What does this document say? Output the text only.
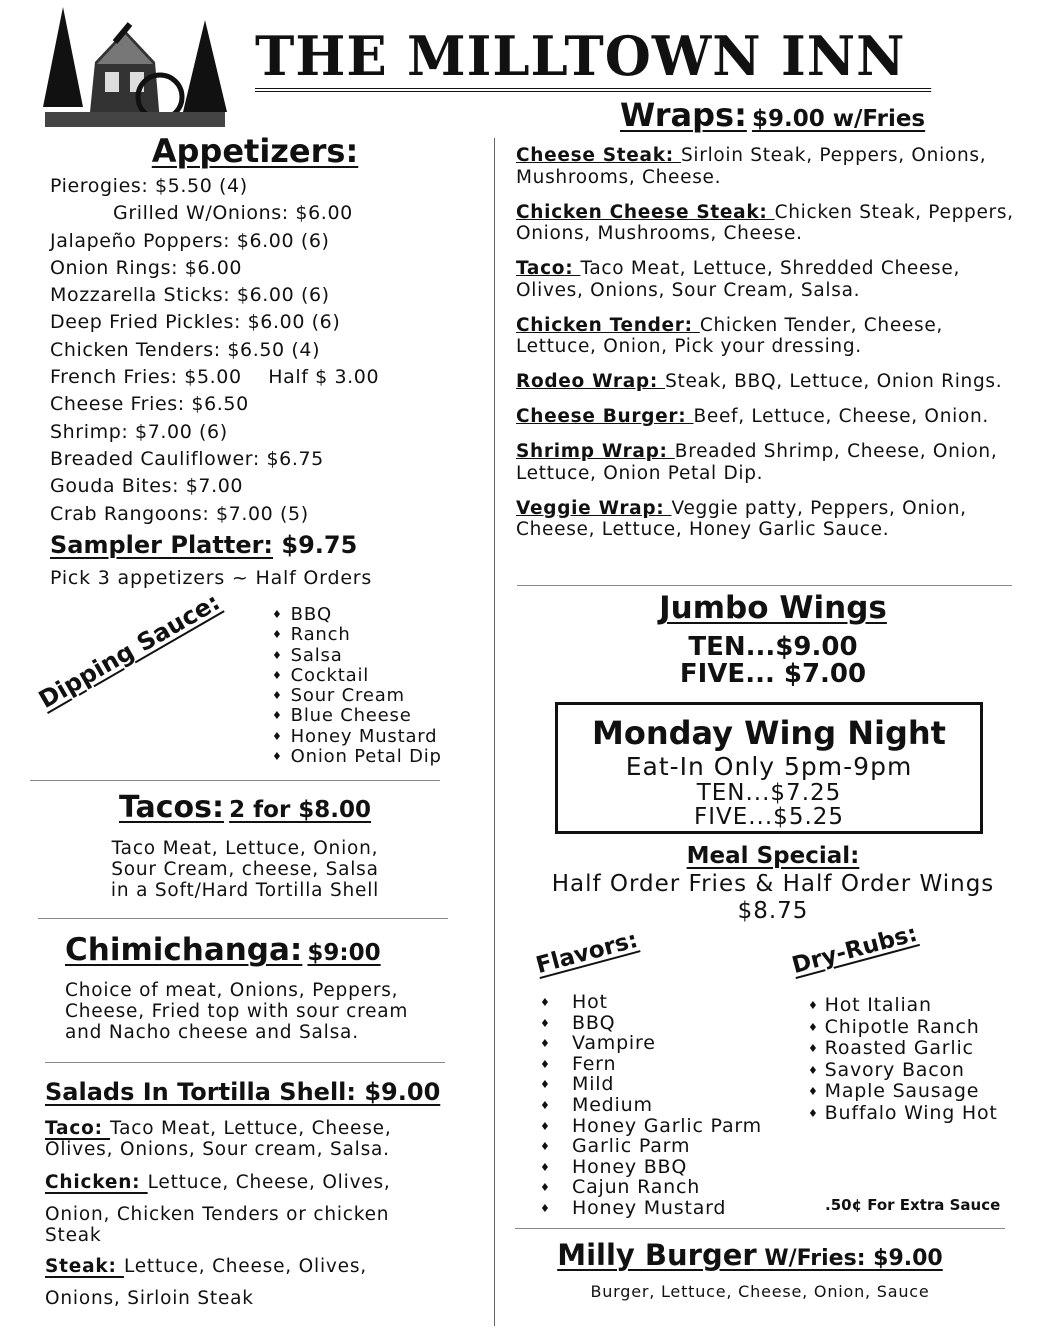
THE MILLTOWN INN
Appetizers:
Pierogies: $5.50 (4)
Grilled W/Onions: $6.00
Jalapeño Poppers: $6.00 (6)
Onion Rings: $6.00
Mozzarella Sticks: $6.00 (6)
Deep Fried Pickles: $6.00 (6)
Chicken Tenders: $6.50 (4)
French Fries: $5.00    Half $ 3.00
Cheese Fries: $6.50
Shrimp: $7.00 (6)
Breaded Cauliflower: $6.75
Gouda Bites: $7.00
Crab Rangoons: $7.00 (5)
Sampler Platter: $9.75
Pick 3 appetizers ~ Half Orders
Dipping Sauce:	♦ BBQ
♦ Ranch
♦ Salsa
♦ Cocktail
♦ Sour Cream
♦ Blue Cheese
♦ Honey Mustard
♦ Onion Petal Dip
Tacos: 2 for $8.00
Taco Meat, Lettuce, Onion,
Sour Cream, cheese, Salsa
in a Soft/Hard Tortilla Shell
Chimichanga: $9:00
Choice of meat, Onions, Peppers,
Cheese, Fried top with sour cream
and Nacho cheese and Salsa.
Salads In Tortilla Shell: $9.00
Taco: Taco Meat, Lettuce, Cheese, Olives, Onions, Sour cream, Salsa.
Chicken: Lettuce, Cheese, Olives,
Onion, Chicken Tenders or chicken Steak
Steak: Lettuce, Cheese, Olives,
Onions, Sirloin Steak
Wraps: $9.00 w/Fries
Cheese Steak: Sirloin Steak, Peppers, Onions, Mushrooms, Cheese.
Chicken Cheese Steak: Chicken Steak, Peppers, Onions, Mushrooms, Cheese.
Taco: Taco Meat, Lettuce, Shredded Cheese, Olives, Onions, Sour Cream, Salsa.
Chicken Tender: Chicken Tender, Cheese, Lettuce, Onion, Pick your dressing.
Rodeo Wrap: Steak, BBQ, Lettuce, Onion Rings.
Cheese Burger: Beef, Lettuce, Cheese, Onion.
Shrimp Wrap: Breaded Shrimp, Cheese, Onion, Lettuce, Onion Petal Dip.
Veggie Wrap: Veggie patty, Peppers, Onion, Cheese, Lettuce, Honey Garlic Sauce.
Jumbo Wings
TEN...$9.00
FIVE... $7.00
Monday Wing Night
Eat-In Only 5pm-9pm
TEN...$7.25
FIVE...$5.25
Meal Special:
Half Order Fries & Half Order Wings
$8.75
Flavors:
♦ Hot
♦ BBQ
♦ Vampire
♦ Fern
♦ Mild
♦ Medium
♦ Honey Garlic Parm
♦ Garlic Parm
♦ Honey BBQ
♦ Cajun Ranch
♦ Honey Mustard
Dry-Rubs:
♦ Hot Italian
♦ Chipotle Ranch
♦ Roasted Garlic
♦ Savory Bacon
♦ Maple Sausage
♦ Buffalo Wing Hot
.50¢ For Extra Sauce
Milly Burger W/Fries: $9.00
Burger, Lettuce, Cheese, Onion, Sauce
